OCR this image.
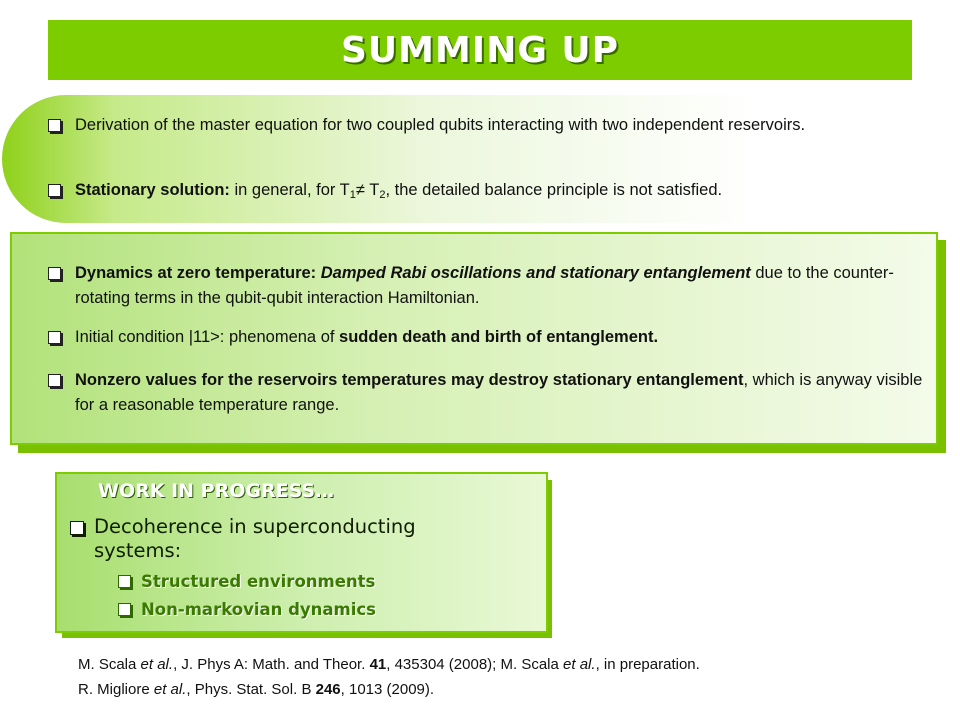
SUMMING UP
Derivation of the master equation for two coupled qubits interacting with two independent reservoirs.
Stationary solution: in general, for $T_1\ne T_2$, the detailed balance principle is not satisfied.
Dynamics at zero temperature: Damped Rabi oscillations and stationary entanglement due to the counter-rotating terms in the qubit-qubit interaction Hamiltonian.
Initial condition |11>: phenomena of sudden death and birth of entanglement.
Nonzero values for the reservoirs temperatures may destroy stationary entanglement, which is anyway visible for a reasonable temperature range.
WORK IN PROGRESS…
Decoherence in superconducting systems:
Structured environments
Non-markovian dynamics
M. Scala et al., J. Phys A: Math. and Theor. 41, 435304 (2008); M. Scala et al., in preparation.
R. Migliore et al., Phys. Stat. Sol. B 246, 1013 (2009).
